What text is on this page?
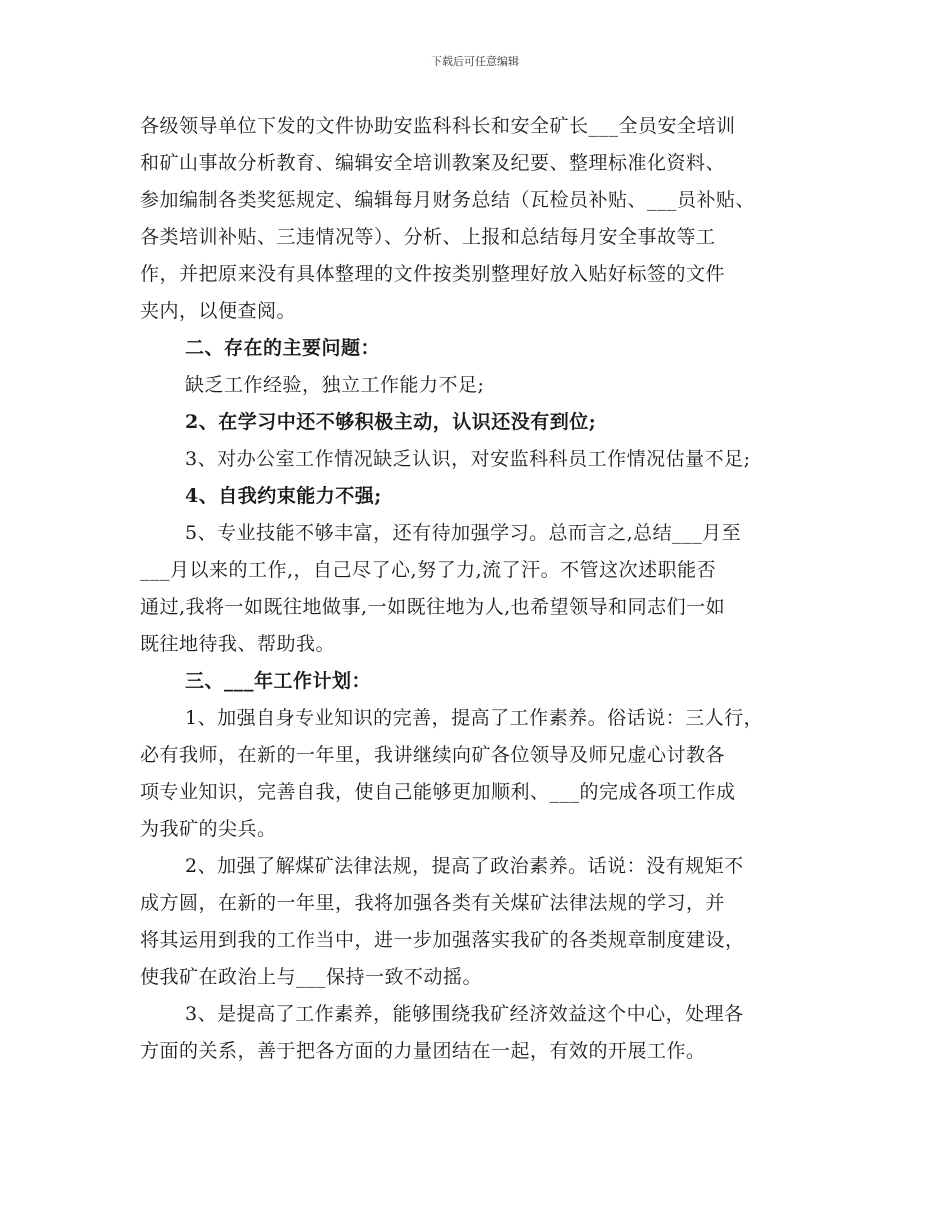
下载后可任意编辑
各级领导单位下发的文件协助安监科科长和安全矿长___全员安全培训
和矿山事故分析教育、编辑安全培训教案及纪要、整理标准化资料、
参加编制各类奖惩规定、编辑每月财务总结（瓦检员补贴、___员补贴、
各类培训补贴、三违情况等）、分析、上报和总结每月安全事故等工
作，并把原来没有具体整理的文件按类别整理好放入贴好标签的文件
夹内，以便查阅。
二、存在的主要问题：
缺乏工作经验，独立工作能力不足;
2、在学习中还不够积极主动，认识还没有到位;
3、对办公室工作情况缺乏认识，对安监科科员工作情况估量不足;
4、自我约束能力不强;
5、专业技能不够丰富，还有待加强学习。总而言之,总结___月至
___月以来的工作,，自己尽了心,努了力,流了汗。不管这次述职能否
通过,我将一如既往地做事,一如既往地为人,也希望领导和同志们一如
既往地待我、帮助我。
三、___年工作计划：
1、加强自身专业知识的完善，提高了工作素养。俗话说：三人行，
必有我师，在新的一年里，我讲继续向矿各位领导及师兄虚心讨教各
项专业知识，完善自我，使自己能够更加顺利、___的完成各项工作成
为我矿的尖兵。
2、加强了解煤矿法律法规，提高了政治素养。话说：没有规矩不
成方圆，在新的一年里，我将加强各类有关煤矿法律法规的学习，并
将其运用到我的工作当中，进一步加强落实我矿的各类规章制度建设，
使我矿在政治上与___保持一致不动摇。
3、是提高了工作素养，能够围绕我矿经济效益这个中心，处理各
方面的关系，善于把各方面的力量团结在一起，有效的开展工作。
